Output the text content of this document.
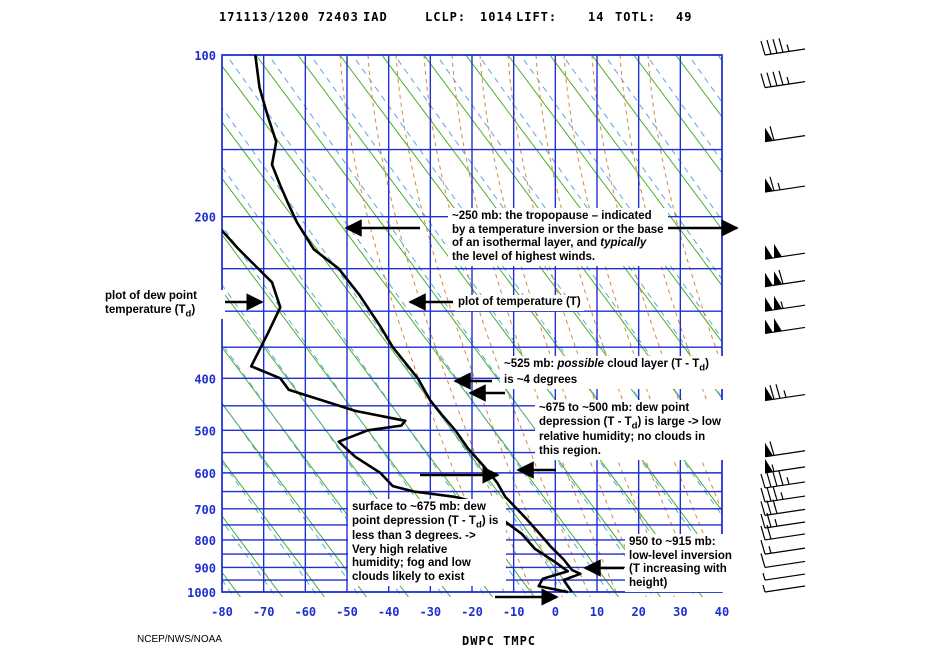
-80 -70 -60 -50 -40 -30 -20 -10 0	10 20 30 40
100
200
400
500
600
700
800
900
1000
171113/1200 72403 IAD	LCLP: 1014 LIFT:	14 TOTL: 49
plot of dew point temperature $(T_d)$
plot of temperature (T)
~250 mb: the tropopause – indicated by a temperature inversion or the base of an isothermal layer, and typically the level of highest winds.
~525 mb: possible cloud layer $(T - T_d)$ is ~4 degrees
~675 to ~500 mb: dew point depression $(T - T_d)$ is large -> low relative humidity; no clouds in this region.
surface to ~675 mb: dew point depression $(T - T_d)$ is less than 3 degrees. -> Very high relative humidity; fog and low clouds likely to exist
950 to ~915 mb: low-level inversion (T increasing with height)
NCEP/NWS/NOAA	DWPC TMPC
